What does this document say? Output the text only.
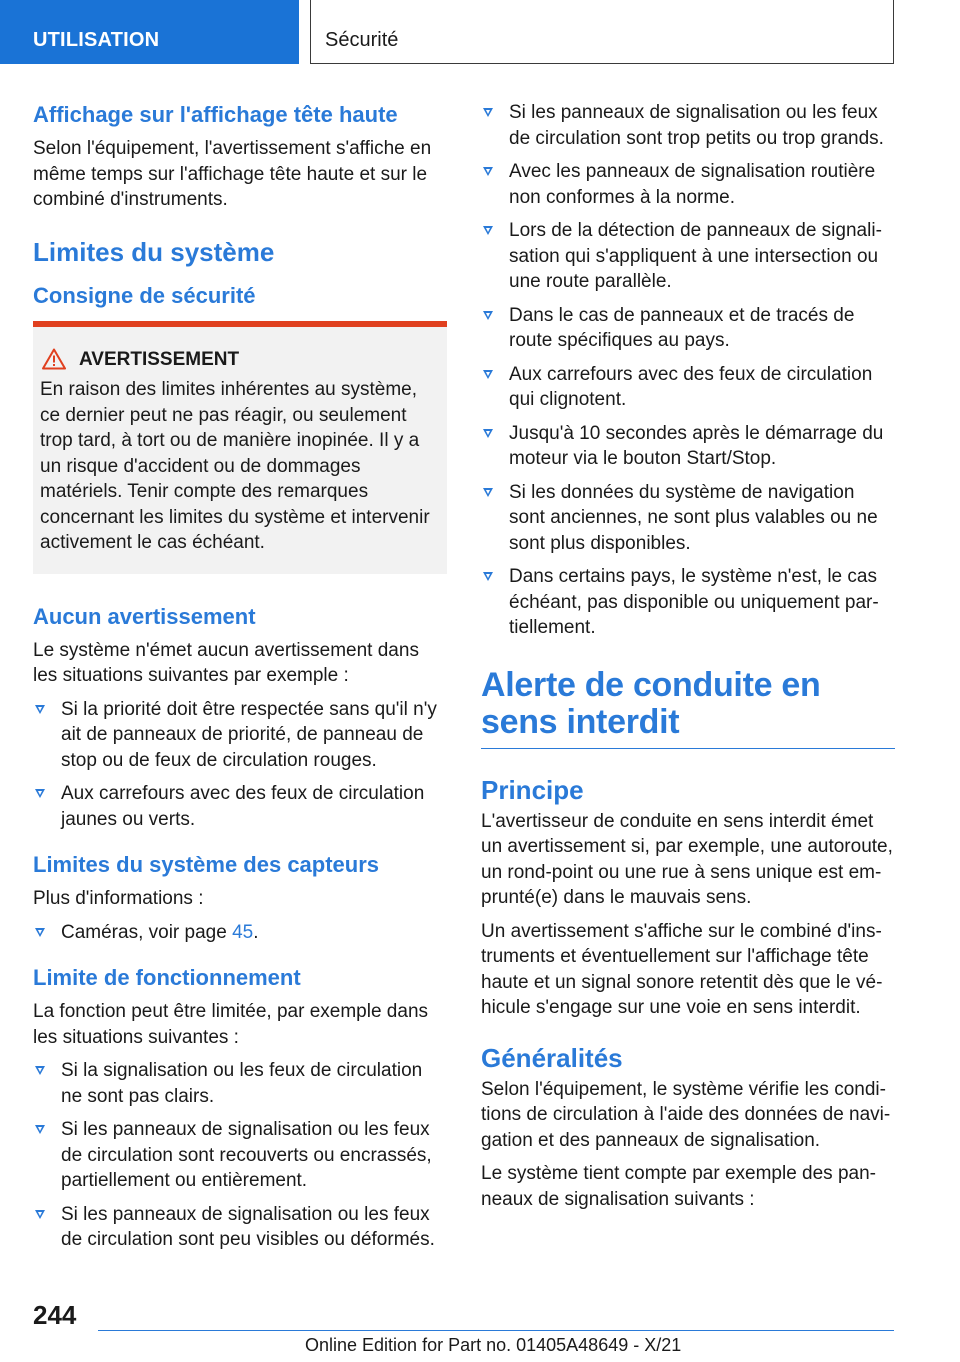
UTILISATION	Sécurité
Affichage sur l'affichage tête haute

Selon l'équipement, l'avertissement s'affiche en même temps sur l'affichage tête haute et sur le combiné d'instruments.

Limites du système
Consigne de sécurité
AVERTISSEMENT

En raison des limites inhérentes au système, ce dernier peut ne pas réagir, ou seulement trop tard, à tort ou de manière inopinée. Il y a un risque d'accident ou de dommages matériels. Tenir compte des remarques concernant les limites du système et intervenir activement le cas échéant.

Aucun avertissement

Le système n'émet aucun avertissement dans les situations suivantes par exemple :

Si la priorité doit être respectée sans qu'il n'y ait de panneaux de priorité, de panneau de stop ou de feux de circulation rouges.
Aux carrefours avec des feux de circulation jaunes ou verts.
Limites du système des capteurs

Plus d'informations :

Caméras, voir page 45.
Limite de fonctionnement

La fonction peut être limitée, par exemple dans les situations suivantes :

Si la signalisation ou les feux de circulation ne sont pas clairs.
Si les panneaux de signalisation ou les feux de circulation sont recouverts ou encrassés, partiellement ou entièrement.
Si les panneaux de signalisation ou les feux de circulation sont peu visibles ou déformés.
Si les panneaux de signalisation ou les feux de circulation sont trop petits ou trop grands.
Avec les panneaux de signalisation routière non conformes à la norme.
Lors de la détection de panneaux de signalisation qui s'appliquent à une intersection ou une route parallèle.
Dans le cas de panneaux et de tracés de route spécifiques au pays.
Aux carrefours avec des feux de circulation qui clignotent.
Jusqu'à 10 secondes après le démarrage du moteur via le bouton Start/Stop.
Si les données du système de navigation sont anciennes, ne sont plus valables ou ne sont plus disponibles.
Dans certains pays, le système n'est, le cas échéant, pas disponible ou uniquement partiellement.
Alerte de conduite en sens interdit
Principe

L'avertisseur de conduite en sens interdit émet un avertissement si, par exemple, une autoroute, un rond-point ou une rue à sens unique est emprunté(e) dans le mauvais sens.

Un avertissement s'affiche sur le combiné d'instruments et éventuellement sur l'affichage tête haute et un signal sonore retentit dès que le véhicule s'engage sur une voie en sens interdit.

Généralités

Selon l'équipement, le système vérifie les conditions de circulation à l'aide des données de navigation et des panneaux de signalisation.

Le système tient compte par exemple des panneaux de signalisation suivants :

244
Online Edition for Part no. 01405A48649 - X/21
